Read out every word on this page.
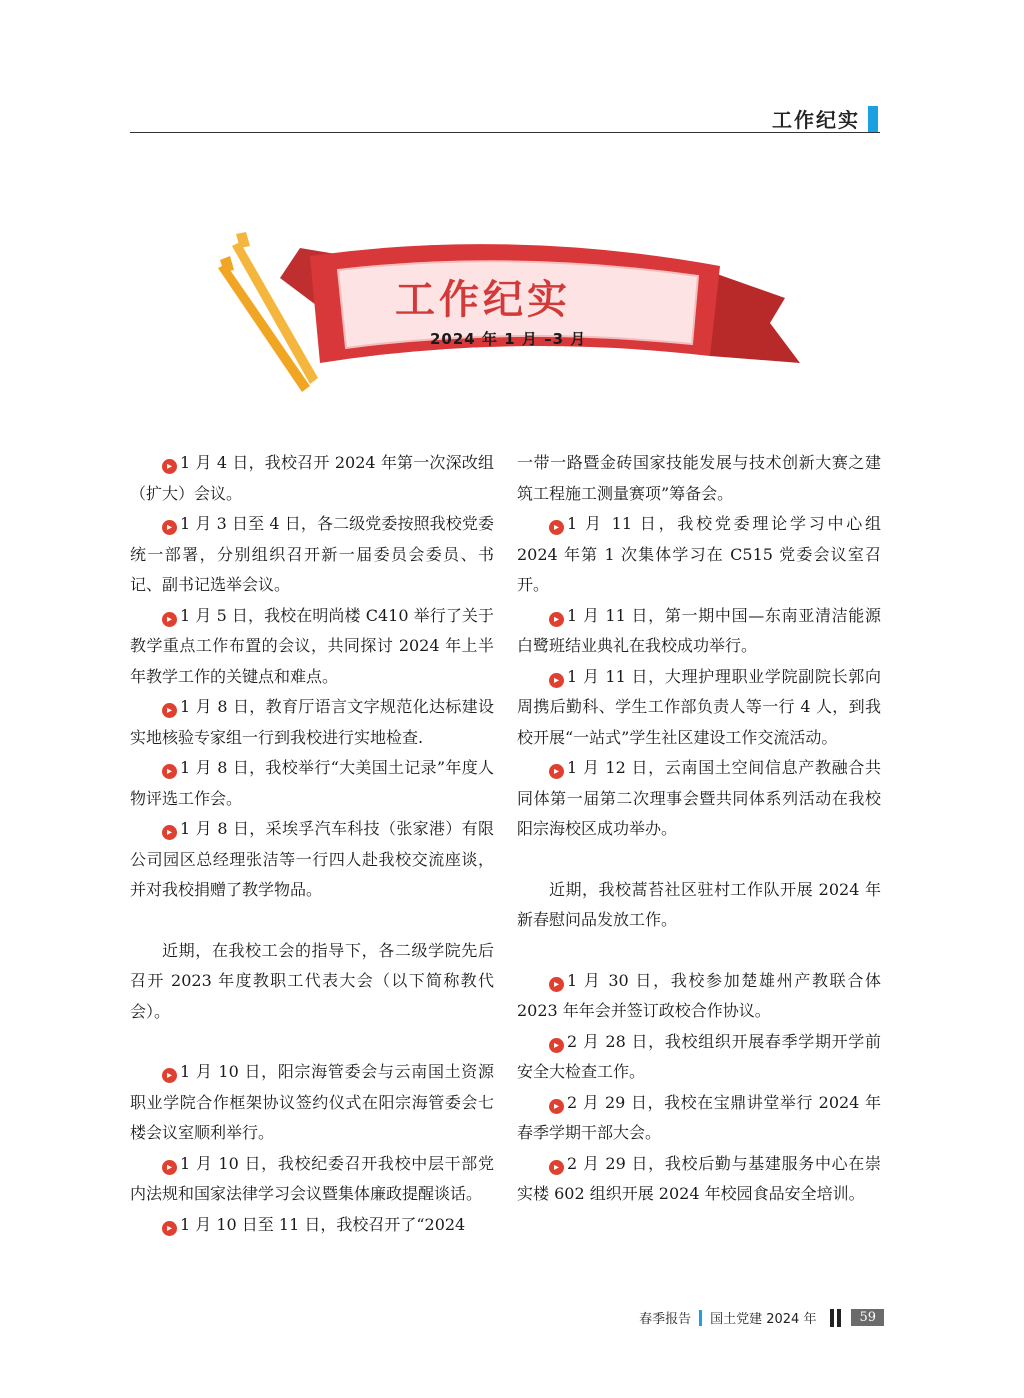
工作纪实
工作纪实
2024 年 1 月 –3 月

▸ 1 月 4 日，我校召开 2024 年第一次深改组（扩大）会议。

▸ 1 月 3 日至 4 日，各二级党委按照我校党委统一部署，分别组织召开新一届委员会委员、书记、副书记选举会议。

▸ 1 月 5 日，我校在明尚楼 C410 举行了关于教学重点工作布置的会议，共同探讨 2024 年上半年教学工作的关键点和难点。

▸ 1 月 8 日，教育厅语言文字规范化达标建设实地核验专家组一行到我校进行实地检查.

▸ 1 月 8 日，我校举行“大美国土记录”年度人物评选工作会。

▸ 1 月 8 日，采埃孚汽车科技（张家港）有限公司园区总经理张洁等一行四人赴我校交流座谈，并对我校捐赠了教学物品。

近期，在我校工会的指导下，各二级学院先后召开 2023 年度教职工代表大会（以下简称教代会）。

▸ 1 月 10 日，阳宗海管委会与云南国土资源职业学院合作框架协议签约仪式在阳宗海管委会七楼会议室顺利举行。

▸ 1 月 10 日，我校纪委召开我校中层干部党内法规和国家法律学习会议暨集体廉政提醒谈话。

▸ 1 月 10 日至 11 日，我校召开了“2024

一带一路暨金砖国家技能发展与技术创新大赛之建筑工程施工测量赛项”筹备会。

▸ 1 月 11 日，我校党委理论学习中心组 2024 年第 1 次集体学习在 C515 党委会议室召开。

▸ 1 月 11 日，第一期中国—东南亚清洁能源白鹭班结业典礼在我校成功举行。

▸ 1 月 11 日，大理护理职业学院副院长郭向周携后勤科、学生工作部负责人等一行 4 人，到我校开展“一站式”学生社区建设工作交流活动。

▸ 1 月 12 日，云南国土空间信息产教融合共同体第一届第二次理事会暨共同体系列活动在我校阳宗海校区成功举办。

近期，我校蒿苔社区驻村工作队开展 2024 年新春慰问品发放工作。

▸ 1 月 30 日，我校参加楚雄州产教联合体 2023 年年会并签订政校合作协议。

▸ 2 月 28 日，我校组织开展春季学期开学前安全大检查工作。

▸ 2 月 29 日，我校在宝鼎讲堂举行 2024 年春季学期干部大会。

▸ 2 月 29 日，我校后勤与基建服务中心在崇实楼 602 组织开展 2024 年校园食品安全培训。

春季报告 国土党建 2024 年	59
